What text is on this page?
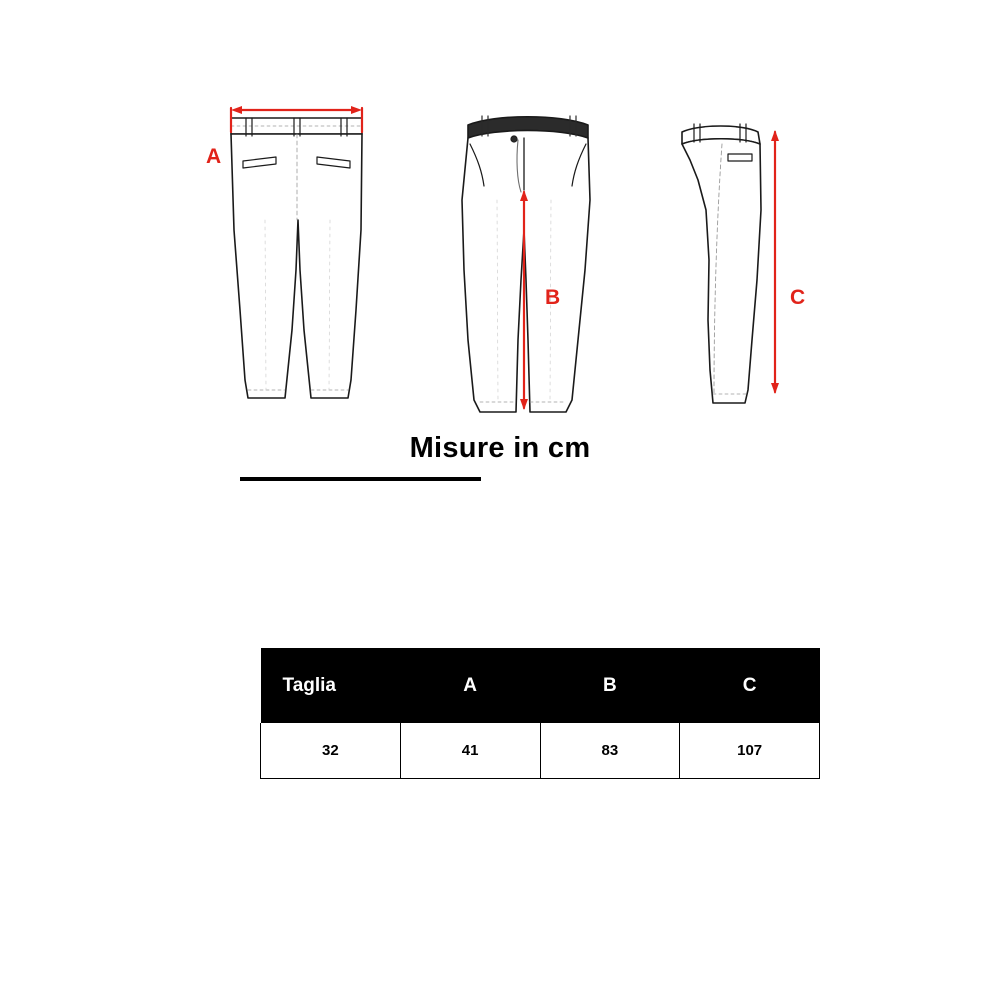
A
B	C
Misure in cm
Taglia	A	B	C
32	41	83	107
